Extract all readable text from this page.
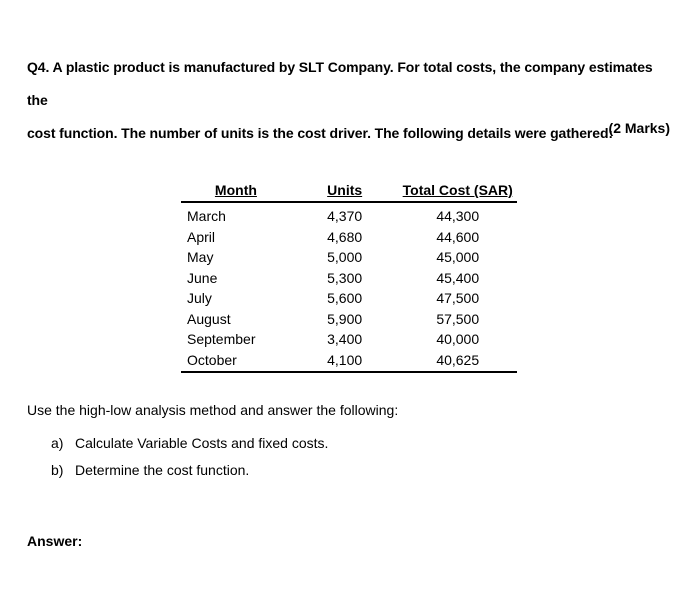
Q4. A plastic product is manufactured by SLT Company. For total costs, the company estimates the
cost function. The number of units is the cost driver. The following details were gathered:
(2 Marks)
Month	Units	Total Cost (SAR)
March	4,370	44,300
April	4,680	44,600
May	5,000	45,000
June	5,300	45,400
July	5,600	47,500
August	5,900	57,500
September	3,400	40,000
October	4,100	40,625
Use the high-low analysis method and answer the following:
a) Calculate Variable Costs and fixed costs.
b) Determine the cost function.
Answer:
